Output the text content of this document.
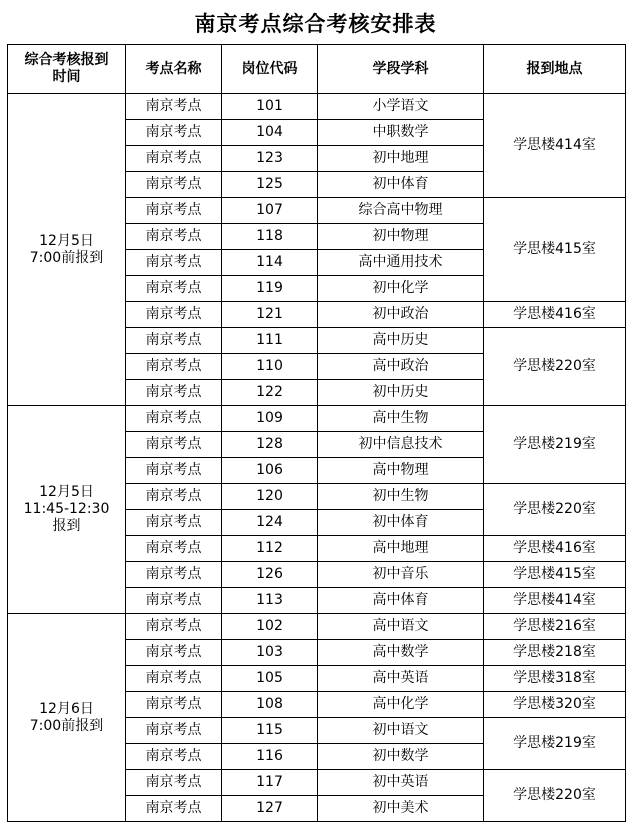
南京考点综合考核安排表
综合考核报到
时间	考点名称	岗位代码	学段学科	报到地点
12月5日
7:00前报到	南京考点	101	小学语文	学思楼414室
	南京考点	104	中职数学	
	南京考点	123	初中地理	
	南京考点	125	初中体育	
	南京考点	107	综合高中物理	学思楼415室
	南京考点	118	初中物理	
	南京考点	114	高中通用技术	
	南京考点	119	初中化学	
	南京考点	121	初中政治	学思楼416室
	南京考点	111	高中历史	学思楼220室
	南京考点	110	高中政治	
	南京考点	122	初中历史	
12月5日
11:45-12:30
报到	南京考点	109	高中生物	学思楼219室
	南京考点	128	初中信息技术	
	南京考点	106	高中物理	
	南京考点	120	初中生物	学思楼220室
	南京考点	124	初中体育	
	南京考点	112	高中地理	学思楼416室
	南京考点	126	初中音乐	学思楼415室
	南京考点	113	高中体育	学思楼414室
12月6日
7:00前报到	南京考点	102	高中语文	学思楼216室
	南京考点	103	高中数学	学思楼218室
	南京考点	105	高中英语	学思楼318室
	南京考点	108	高中化学	学思楼320室
	南京考点	115	初中语文	学思楼219室
	南京考点	116	初中数学	
	南京考点	117	初中英语	学思楼220室
	南京考点	127	初中美术	
